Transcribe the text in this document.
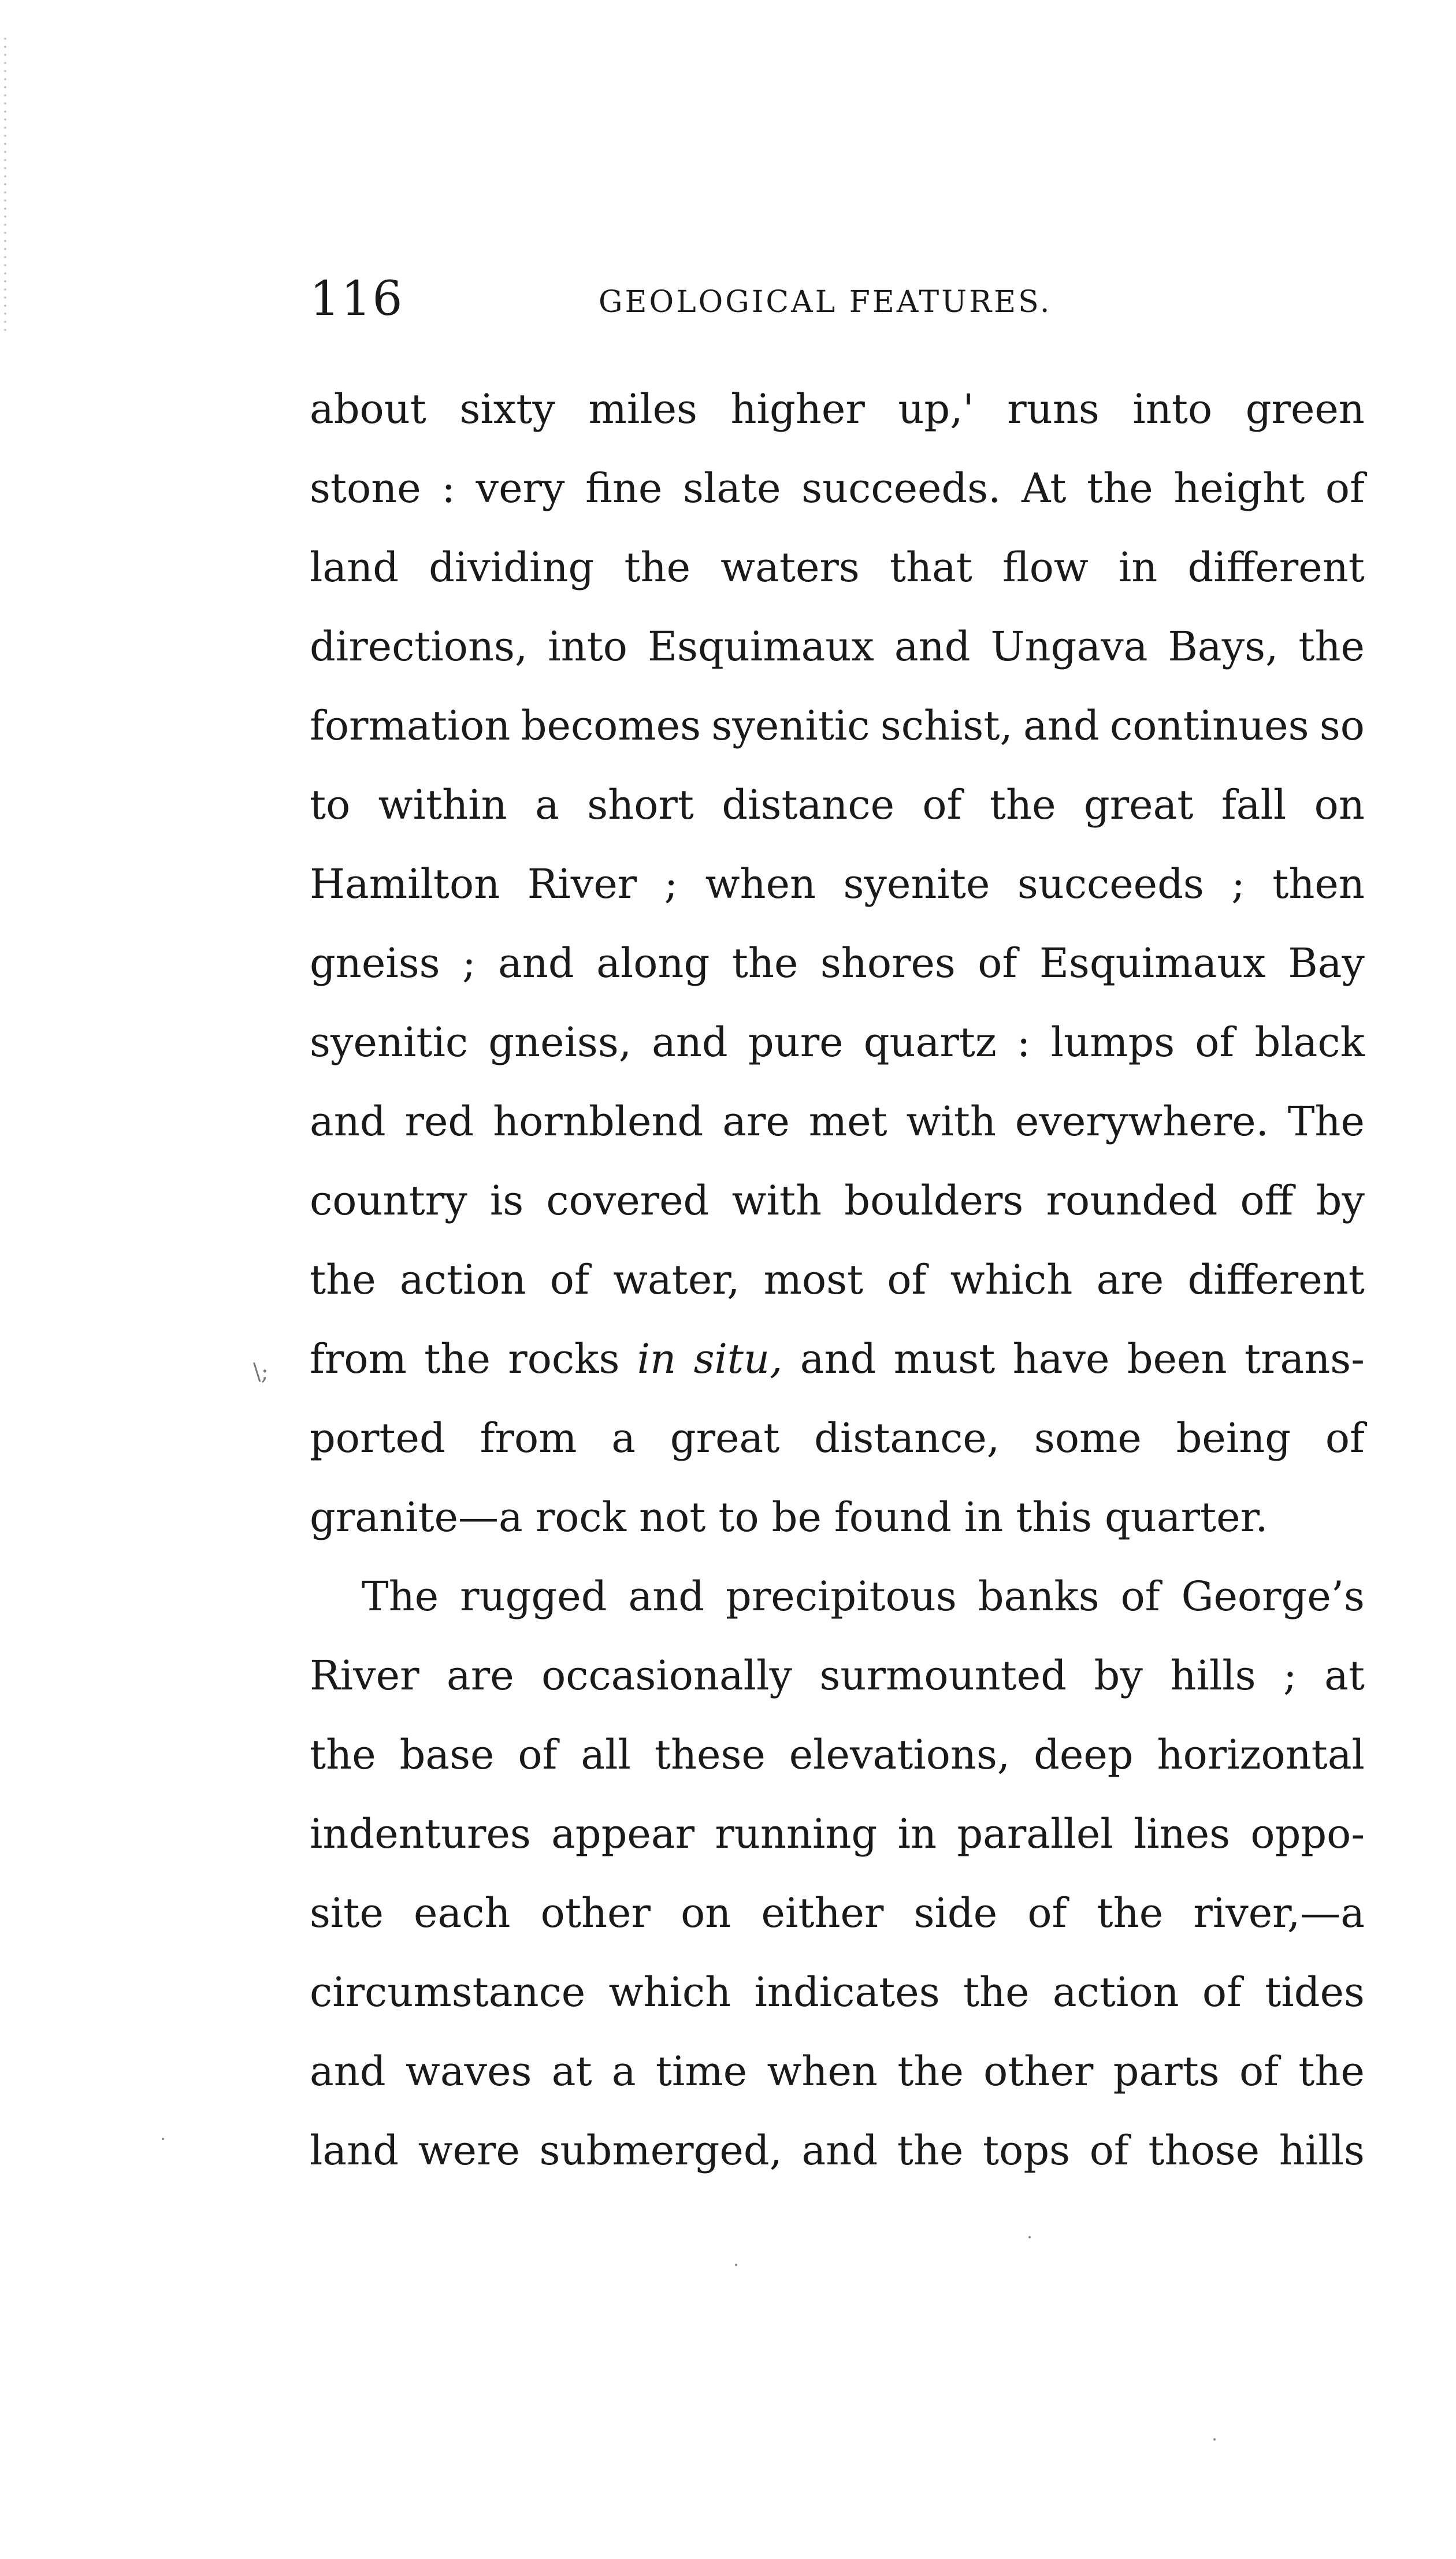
116	GEOLOGICAL FEATURES.
\;
about sixty miles higher up,' runs into green
stone : very fine slate succeeds. At the height of
land dividing the waters that flow in different
directions, into Esquimaux and Ungava Bays, the
formation becomes syenitic schist, and continues so
to within a short distance of the great fall on
Hamilton River ; when syenite succeeds ; then
gneiss ; and along the shores of Esquimaux Bay
syenitic gneiss, and pure quartz : lumps of black
and red hornblend are met with everywhere. The
country is covered with boulders rounded off by
the action of water, most of which are different
from the rocks in situ, and must have been trans-
ported from a great distance, some being of
granite—a rock not to be found in this quarter.
The rugged and precipitous banks of George’s
River are occasionally surmounted by hills ; at
the base of all these elevations, deep horizontal
indentures appear running in parallel lines oppo-
site each other on either side of the river,—a
circumstance which indicates the action of tides
and waves at a time when the other parts of the
land were submerged, and the tops of those hills
